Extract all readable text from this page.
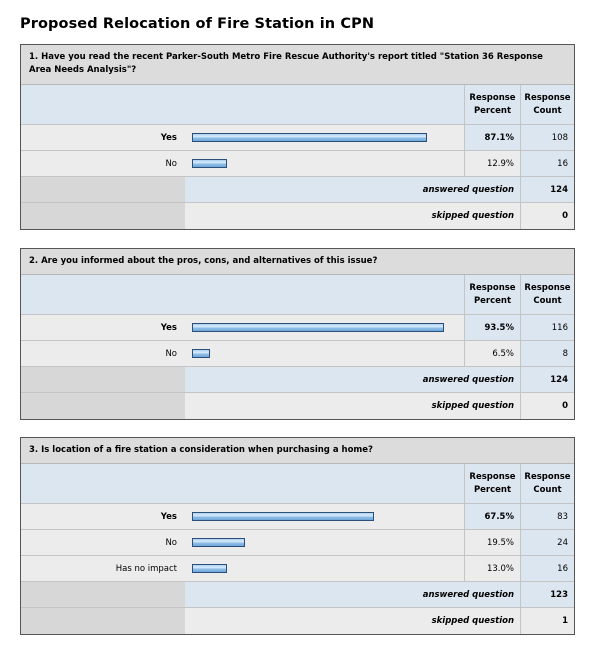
Proposed Relocation of Fire Station in CPN
1. Have you read the recent Parker-South Metro Fire Rescue Authority's report titled "Station 36 Response Area Needs Analysis"?
Response
Percent
Response
Count
Yes	87.1%	108
No	12.9%	16
answered question	124
skipped question	0
2. Are you informed about the pros, cons, and alternatives of this issue?
Response
Percent
Response
Count
Yes	93.5%	116
No	6.5%	8
answered question	124
skipped question	0
3. Is location of a fire station a consideration when purchasing a home?
Response
Percent
Response
Count
Yes	67.5%	83
No	19.5%	24
Has no impact	13.0%	16
answered question	123
skipped question	1
